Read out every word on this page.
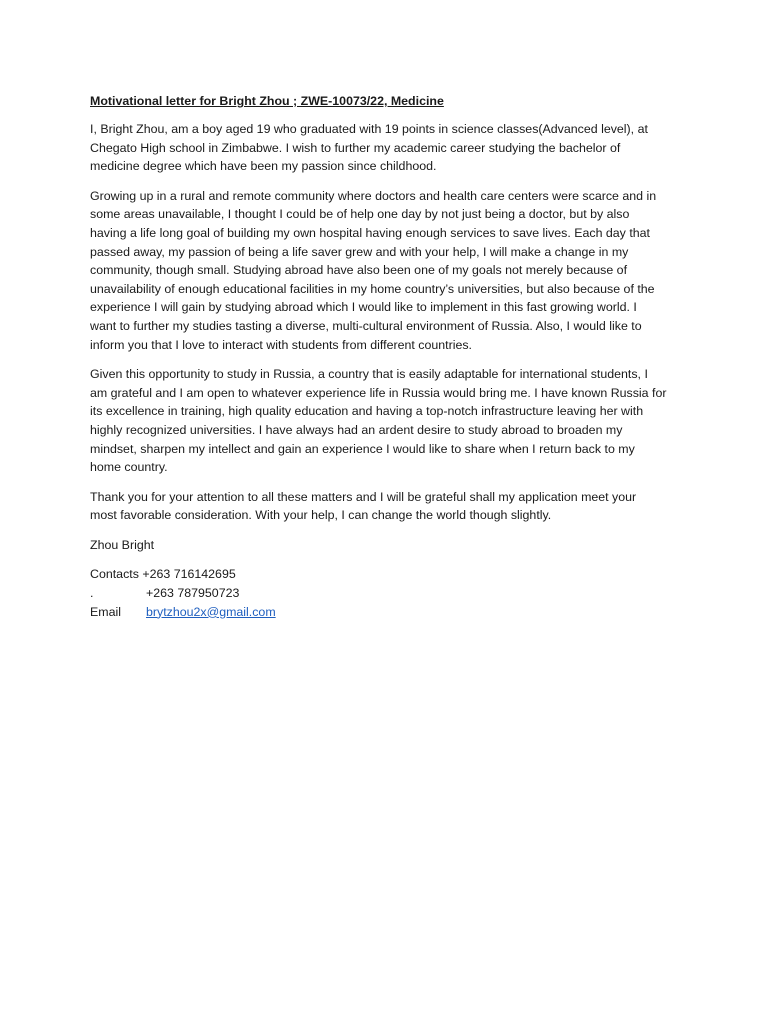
Motivational letter for Bright Zhou ; ZWE-10073/22, Medicine
I, Bright Zhou, am a boy aged 19 who graduated with 19 points in science classes(Advanced level), at
Chegato High school in Zimbabwe. I wish to further my academic career studying the bachelor of
medicine degree which have been my passion since childhood.
Growing up in a rural and remote community where doctors and health care centers were scarce and in
some areas unavailable, I thought I could be of help one day by not just being a doctor, but by also
having a life long goal of building my own hospital having enough services to save lives. Each day that
passed away, my passion of being a life saver grew and with your help, I will make a change in my
community, though small. Studying abroad have also been one of my goals not merely because of
unavailability of enough educational facilities in my home country’s universities, but also because of the
experience I will gain by studying abroad which I would like to implement in this fast growing world. I
want to further my studies tasting a diverse, multi-cultural environment of Russia. Also, I would like to
inform you that I love to interact with students from different countries.
Given this opportunity to study in Russia, a country that is easily adaptable for international students, I
am grateful and I am open to whatever experience life in Russia would bring me. I have known Russia for
its excellence in training, high quality education and having a top-notch infrastructure leaving her with
highly recognized universities. I have always had an ardent desire to study abroad to broaden my
mindset, sharpen my intellect and gain an experience I would like to share when I return back to my
home country.
Thank you for your attention to all these matters and I will be grateful shall my application meet your
most favorable consideration. With your help, I can change the world though slightly.
Zhou Bright
Contacts
+263 716142695
.	+263 787950723
Email	brytzhou2x@gmail.com
